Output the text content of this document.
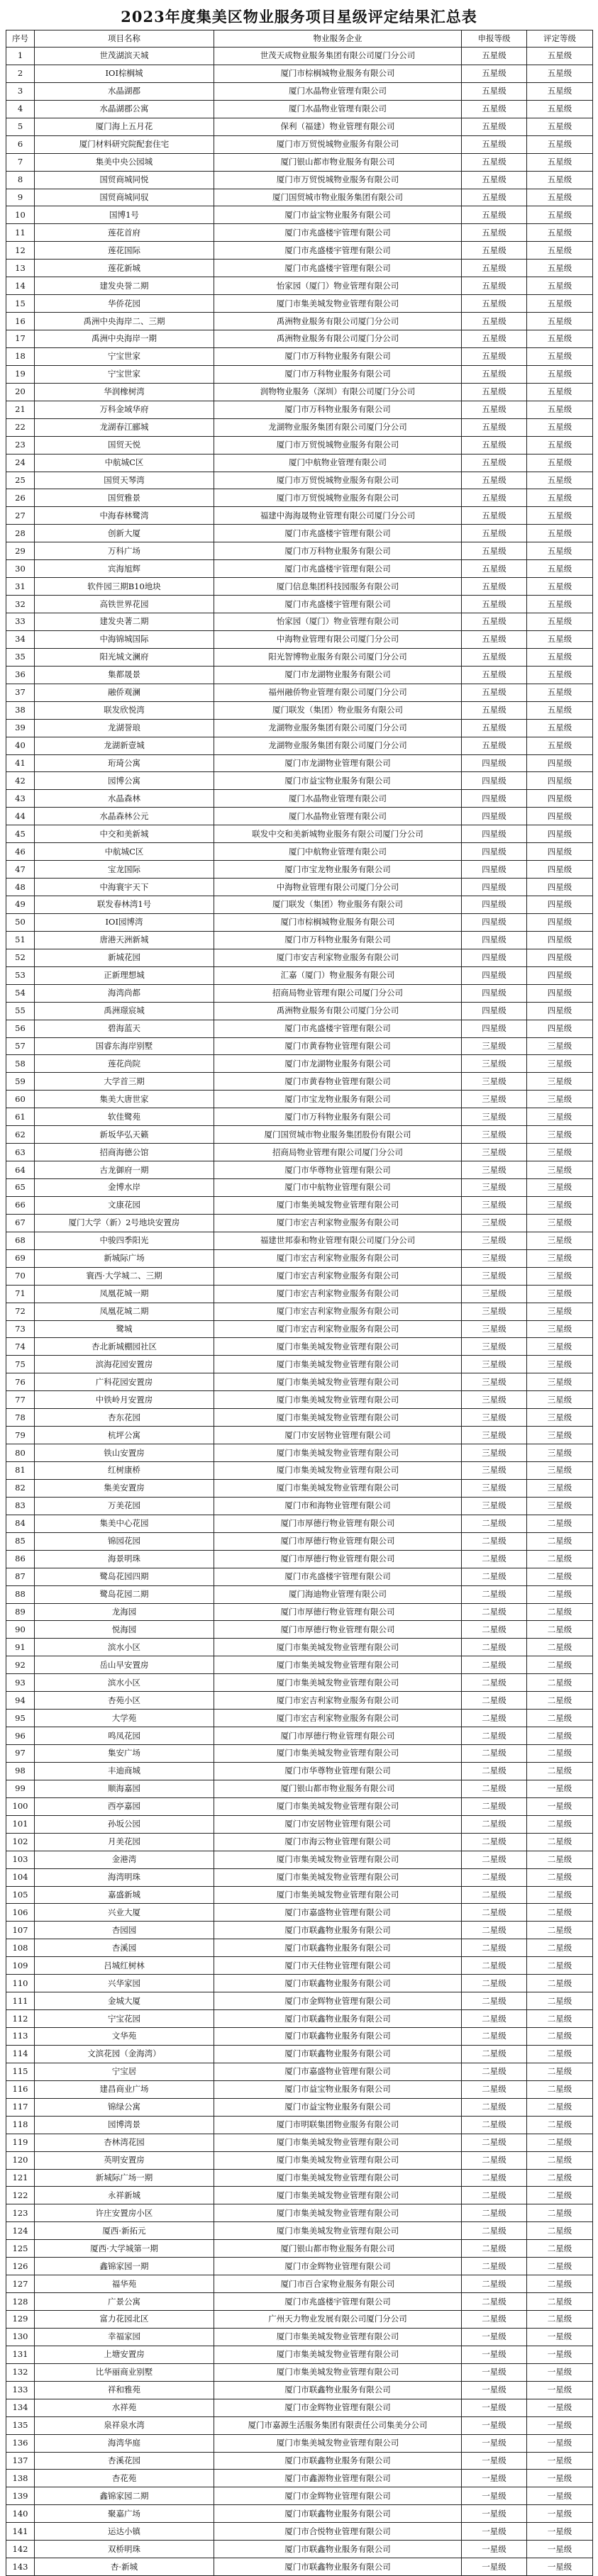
2023年度集美区物业服务项目星级评定结果汇总表
序号	项目名称	物业服务企业	申报等级	评定等级
1	世茂湖滨天城	世茂天成物业服务集团有限公司厦门分公司	五星级	五星级
2	IOI棕榈城	厦门市棕榈城物业服务有限公司	五星级	五星级
3	水晶湖郡	厦门水晶物业管理有限公司	五星级	五星级
4	水晶湖郡公寓	厦门水晶物业管理有限公司	五星级	五星级
5	厦门海上五月花	保利（福建）物业管理有限公司	五星级	五星级
6	厦门材料研究院配套住宅	厦门市万贸悦城物业服务有限公司	五星级	五星级
7	集美中央公园城	厦门银山都市物业服务有限公司	五星级	五星级
8	国贸商城同悦	厦门市万贸悦城物业服务有限公司	五星级	五星级
9	国贸商城同驭	厦门国贸城市物业服务集团有限公司	五星级	五星级
10	国博1号	厦门市益宝物业服务有限公司	五星级	五星级
11	莲花首府	厦门市兆盛楼宇管理有限公司	五星级	五星级
12	莲花国际	厦门市兆盛楼宇管理有限公司	五星级	五星级
13	莲花新城	厦门市兆盛楼宇管理有限公司	五星级	五星级
14	建发央誉二期	怡家园（厦门）物业管理有限公司	五星级	五星级
15	华侨花园	厦门市集美城发物业管理有限公司	五星级	五星级
16	禹洲中央海岸二、三期	禹洲物业服务有限公司厦门分公司	五星级	五星级
17	禹洲中央海岸一期	禹洲物业服务有限公司厦门分公司	五星级	五星级
18	宁宝世家	厦门市万科物业服务有限公司	五星级	五星级
19	宁宝世家	厦门市万科物业服务有限公司	五星级	五星级
20	华润橡树湾	润物物业服务（深圳）有限公司厦门分公司	五星级	五星级
21	万科金域华府	厦门市万科物业服务有限公司	五星级	五星级
22	龙湖春江郦城	龙湖物业服务集团有限公司厦门分公司	五星级	五星级
23	国贸天悦	厦门市万贸悦城物业服务有限公司	五星级	五星级
24	中航城C区	厦门中航物业管理有限公司	五星级	五星级
25	国贸天琴湾	厦门市万贸悦城物业服务有限公司	五星级	五星级
26	国贸雅景	厦门市万贸悦城物业服务有限公司	五星级	五星级
27	中海春林鹭湾	福建中海海晟物业管理有限公司厦门分公司	五星级	五星级
28	创新大厦	厦门市兆盛楼宇管理有限公司	五星级	五星级
29	万科广场	厦门市万科物业服务有限公司	五星级	五星级
30	宾海旭辉	厦门市兆盛楼宇管理有限公司	五星级	五星级
31	软件园三期B10地块	厦门信息集团科技园服务有限公司	五星级	五星级
32	高铁世界花园	厦门市兆盛楼宇管理有限公司	五星级	五星级
33	建发央著二期	怡家园（厦门）物业管理有限公司	五星级	五星级
34	中海锦城国际	中海物业管理有限公司厦门分公司	五星级	五星级
35	阳光城文澜府	阳光智博物业服务有限公司厦门分公司	五星级	五星级
36	集都晟景	厦门市龙湖物业服务有限公司	五星级	五星级
37	融侨观澜	福州融侨物业管理有限公司厦门分公司	五星级	五星级
38	联发欣悦湾	厦门联发（集团）物业服务有限公司	五星级	五星级
39	龙湖誉琅	龙湖物业服务集团有限公司厦门分公司	五星级	五星级
40	龙湖新壹城	龙湖物业服务集团有限公司厦门分公司	五星级	五星级
41	珩琦公寓	厦门市龙湖物业管理有限公司	四星级	四星级
42	园博公寓	厦门市益宝物业服务有限公司	四星级	四星级
43	水晶森林	厦门水晶物业管理有限公司	四星级	四星级
44	水晶森林公元	厦门水晶物业管理有限公司	四星级	四星级
45	中交和美新城	联发中交和美新城物业服务有限公司厦门分公司	四星级	四星级
46	中航城C区	厦门中航物业管理有限公司	四星级	四星级
47	宝龙国际	厦门市宝龙物业服务有限公司	四星级	四星级
48	中海寰宇天下	中海物业管理有限公司厦门分公司	四星级	四星级
49	联发春林湾1号	厦门联发（集团）物业服务有限公司	四星级	四星级
50	IOI园博湾	厦门市棕榈城物业服务有限公司	四星级	四星级
51	唐港天洲新城	厦门市万科物业服务有限公司	四星级	四星级
52	新城花园	厦门市安吉利家物业服务有限公司	四星级	四星级
53	正新理想城	汇嘉（厦门）物业服务有限公司	四星级	四星级
54	海湾尚都	招商局物业管理有限公司厦门分公司	四星级	四星级
55	禹洲璟宸城	禹洲物业服务有限公司厦门分公司	四星级	四星级
56	碧海蓝天	厦门市兆盛楼宇管理有限公司	四星级	四星级
57	国睿东海岸别墅	厦门市黄春物业管理有限公司	三星级	三星级
58	莲花尚院	厦门市龙湖物业服务有限公司	三星级	三星级
59	大学首三期	厦门市黄春物业管理有限公司	三星级	三星级
60	集美大唐世家	厦门市宝龙物业服务有限公司	三星级	三星级
61	软佳鹭苑	厦门市万科物业服务有限公司	三星级	三星级
62	新坂华弘天籁	厦门国贸城市物业服务集团股份有限公司	三星级	三星级
63	招商海德公馆	招商局物业管理有限公司厦门分公司	三星级	三星级
64	古龙御府一期	厦门市华尊物业管理有限公司	三星级	三星级
65	金博水岸	厦门市中航物业管理有限公司	三星级	三星级
66	文康花园	厦门市集美城发物业管理有限公司	三星级	三星级
67	厦门大学（新）2号地块安置房	厦门市宏吉利家物业服务有限公司	三星级	三星级
68	中骏四季阳光	福建世邦泰和物业管理有限公司厦门分公司	三星级	三星级
69	新城际广场	厦门市宏吉利家物业服务有限公司	三星级	三星级
70	寰西·大学城二、三期	厦门市宏吉利家物业服务有限公司	三星级	三星级
71	凤凰花城一期	厦门市宏吉利家物业服务有限公司	三星级	三星级
72	凤凰花城二期	厦门市宏吉利家物业服务有限公司	三星级	三星级
73	鹭城	厦门市宏吉利家物业服务有限公司	三星级	三星级
74	杏北新城棚园社区	厦门市集美城发物业管理有限公司	三星级	三星级
75	滨海花园安置房	厦门市集美城发物业管理有限公司	三星级	三星级
76	广科花园安置房	厦门市集美城发物业管理有限公司	三星级	三星级
77	中铁岭月安置房	厦门市集美城发物业管理有限公司	三星级	三星级
78	杏东花园	厦门市集美城发物业管理有限公司	三星级	三星级
79	杭坪公寓	厦门市安居物业管理有限公司	三星级	三星级
80	铁山安置房	厦门市集美城发物业管理有限公司	三星级	三星级
81	红树康桥	厦门市集美城发物业管理有限公司	三星级	三星级
82	集美安置房	厦门市集美城发物业管理有限公司	三星级	三星级
83	万美花园	厦门市和海物业管理有限公司	三星级	三星级
84	集美中心花园	厦门市厚德行物业管理有限公司	二星级	二星级
85	锦园花园	厦门市厚德行物业管理有限公司	二星级	二星级
86	海景明珠	厦门市厚德行物业管理有限公司	二星级	二星级
87	鹭岛花园四期	厦门市兆盛楼宇管理有限公司	二星级	二星级
88	鹭岛花园二期	厦门海迪物业管理有限公司	二星级	二星级
89	龙海园	厦门市厚德行物业管理有限公司	二星级	二星级
90	悦海园	厦门市厚德行物业管理有限公司	二星级	二星级
91	滨水小区	厦门市集美城发物业管理有限公司	二星级	二星级
92	岳山早安置房	厦门市集美城发物业管理有限公司	二星级	二星级
93	滨水小区	厦门市集美城发物业管理有限公司	二星级	二星级
94	杏苑小区	厦门市宏吉利家物业服务有限公司	二星级	二星级
95	大学苑	厦门市宏吉利家物业服务有限公司	二星级	二星级
96	鸣凤花园	厦门市厚德行物业管理有限公司	二星级	二星级
97	集安广场	厦门市集美城发物业管理有限公司	二星级	二星级
98	丰迪商城	厦门市华尊物业管理有限公司	二星级	二星级
99	顺海嘉园	厦门银山都市物业服务有限公司	二星级	一星级
100	西亭嘉园	厦门市集美城发物业管理有限公司	二星级	一星级
101	孙坂公园	厦门市安居物业管理有限公司	二星级	二星级
102	月美花园	厦门市海云物业管理有限公司	二星级	二星级
103	金港湾	厦门市集美城发物业管理有限公司	二星级	二星级
104	海湾明珠	厦门市集美城发物业管理有限公司	二星级	二星级
105	嘉盛新城	厦门市集美城发物业管理有限公司	二星级	二星级
106	兴业大厦	厦门市嘉盛物业管理有限公司	二星级	二星级
107	杏园园	厦门市联鑫物业服务有限公司	二星级	二星级
108	杏溪园	厦门市联鑫物业服务有限公司	二星级	二星级
109	吕城红树林	厦门市天佳物业管理有限公司	二星级	二星级
110	兴华家园	厦门市联鑫物业服务有限公司	二星级	二星级
111	金城大厦	厦门市金辉物业管理有限公司	二星级	二星级
112	宁宝花园	厦门市联鑫物业服务有限公司	二星级	二星级
113	文华苑	厦门市联鑫物业服务有限公司	二星级	二星级
114	文滨花园（金海湾）	厦门市联鑫物业服务有限公司	二星级	二星级
115	宁宝居	厦门市嘉盛物业管理有限公司	二星级	二星级
116	建昌商业广场	厦门市益宝物业服务有限公司	二星级	二星级
117	锦绿公寓	厦门市益宝物业服务有限公司	二星级	二星级
118	园博湾景	厦门市明联集团物业服务有限公司	二星级	二星级
119	杏林湾花园	厦门市集美城发物业管理有限公司	二星级	二星级
120	英明安置房	厦门市集美城发物业管理有限公司	二星级	二星级
121	新城际广场一期	厦门市集美城发物业管理有限公司	二星级	二星级
122	永祥新城	厦门市集美城发物业管理有限公司	二星级	二星级
123	许庄安置房小区	厦门市集美城发物业管理有限公司	二星级	二星级
124	厦西·新拓元	厦门市集美城发物业管理有限公司	二星级	二星级
125	厦西·大学城第一期	厦门银山都市物业服务有限公司	二星级	二星级
126	鑫锦家园一期	厦门市金辉物业管理有限公司	二星级	二星级
127	福华苑	厦门市百合家物业服务有限公司	二星级	二星级
128	广景公寓	厦门市兆盛楼宇管理有限公司	二星级	二星级
129	富力花园北区	广州天力物业发展有限公司厦门分公司	二星级	二星级
130	幸福家园	厦门市集美城发物业管理有限公司	一星级	一星级
131	上塘安置房	厦门市集美城发物业管理有限公司	一星级	一星级
132	比华丽商业别墅	厦门市集美城发物业管理有限公司	一星级	一星级
133	祥和雅苑	厦门市联鑫物业服务有限公司	一星级	一星级
134	水祥苑	厦门市金辉物业管理有限公司	一星级	一星级
135	泉祥泉水湾	厦门市嘉源生活服务集团有限责任公司集美分公司	一星级	一星级
136	海湾华庭	厦门市集美城发物业管理有限公司	一星级	一星级
137	杏溪花园	厦门市联鑫物业服务有限公司	一星级	一星级
138	杏花苑	厦门市鑫源物业管理有限公司	一星级	一星级
139	鑫锦家园二期	厦门市金辉物业管理有限公司	一星级	一星级
140	聚嘉广场	厦门市联鑫物业服务有限公司	一星级	一星级
141	运达小镇	厦门市合悦物业管理有限公司	一星级	一星级
142	双桥明珠	厦门市联鑫物业服务有限公司	一星级	一星级
143	杏·新城	厦门市联鑫物业服务有限公司	一星级	一星级
